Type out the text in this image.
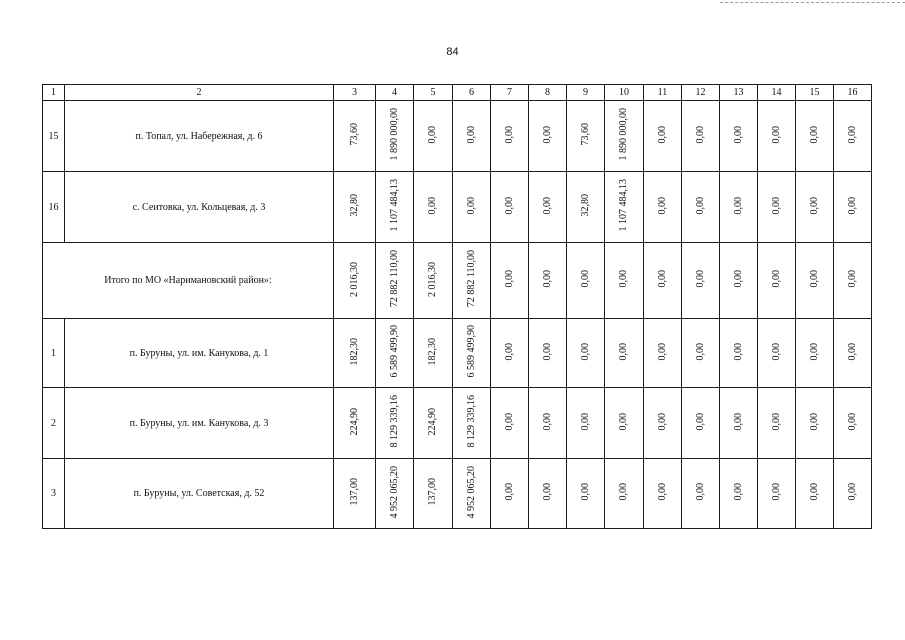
84
1	2	3	4	5	6	7	8	9	10	11	12	13	14	15	16
15	п. Топал, ул. Набережная, д. 6	73,60	1 890 000,00	0,00	0,00	0,00	0,00	73,60	1 890 000,00	0,00	0,00	0,00	0,00	0,00	0,00
16	с. Сеитовка, ул. Кольцевая, д. 3	32,80	1 107 484,13	0,00	0,00	0,00	0,00	32,80	1 107 484,13	0,00	0,00	0,00	0,00	0,00	0,00
Итого по МО «Наримановский район»:		2 016,30	72 882 110,00	2 016,30	72 882 110,00	0,00	0,00	0,00	0,00	0,00	0,00	0,00	0,00	0,00	0,00
1	п. Буруны, ул. им. Канукова, д. 1	182,30	6 589 499,90	182,30	6 589 499,90	0,00	0,00	0,00	0,00	0,00	0,00	0,00	0,00	0,00	0,00
2	п. Буруны, ул. им. Канукова, д. 3	224,90	8 129 339,16	224,90	8 129 339,16	0,00	0,00	0,00	0,00	0,00	0,00	0,00	0,00	0,00	0,00
3	п. Буруны, ул. Советская, д. 52	137,00	4 952 065,20	137,00	4 952 065,20	0,00	0,00	0,00	0,00	0,00	0,00	0,00	0,00	0,00	0,00
